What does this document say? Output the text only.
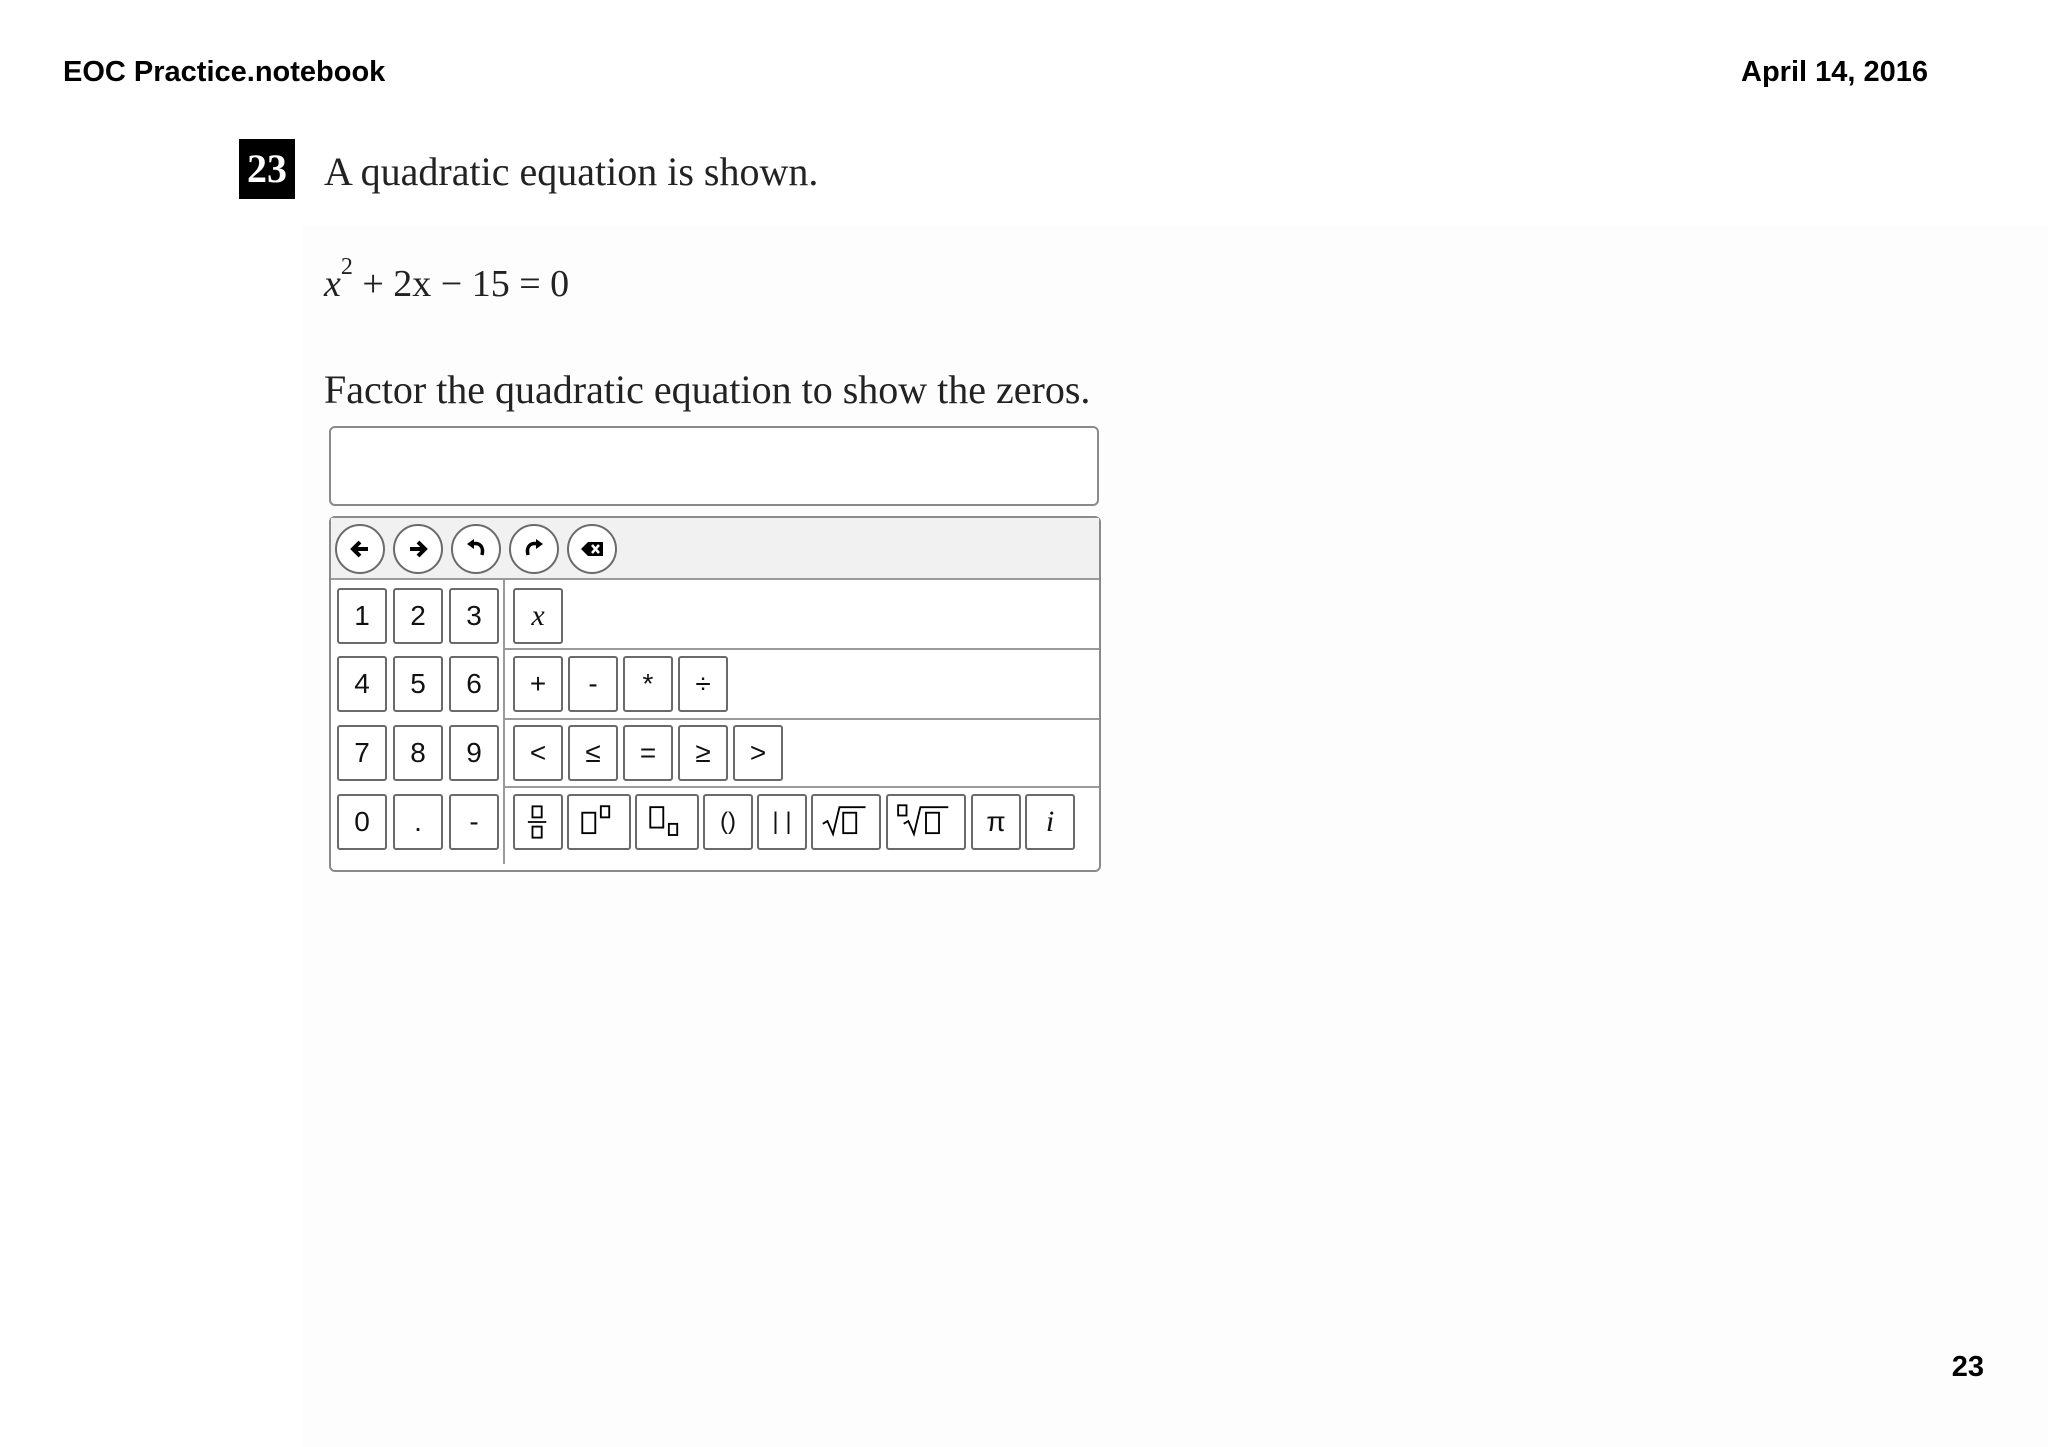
EOC Practice.notebook	April 14, 2016
23
23 A quadratic equation is shown.
$x^2 + 2x - 15 = 0$
Factor the quadratic equation to show the zeros.
1	2	3
4	5	6
7	8	9
0	.	-
x
+	-	*	÷
<	≤	=	≥	>
()	| |	π	i
